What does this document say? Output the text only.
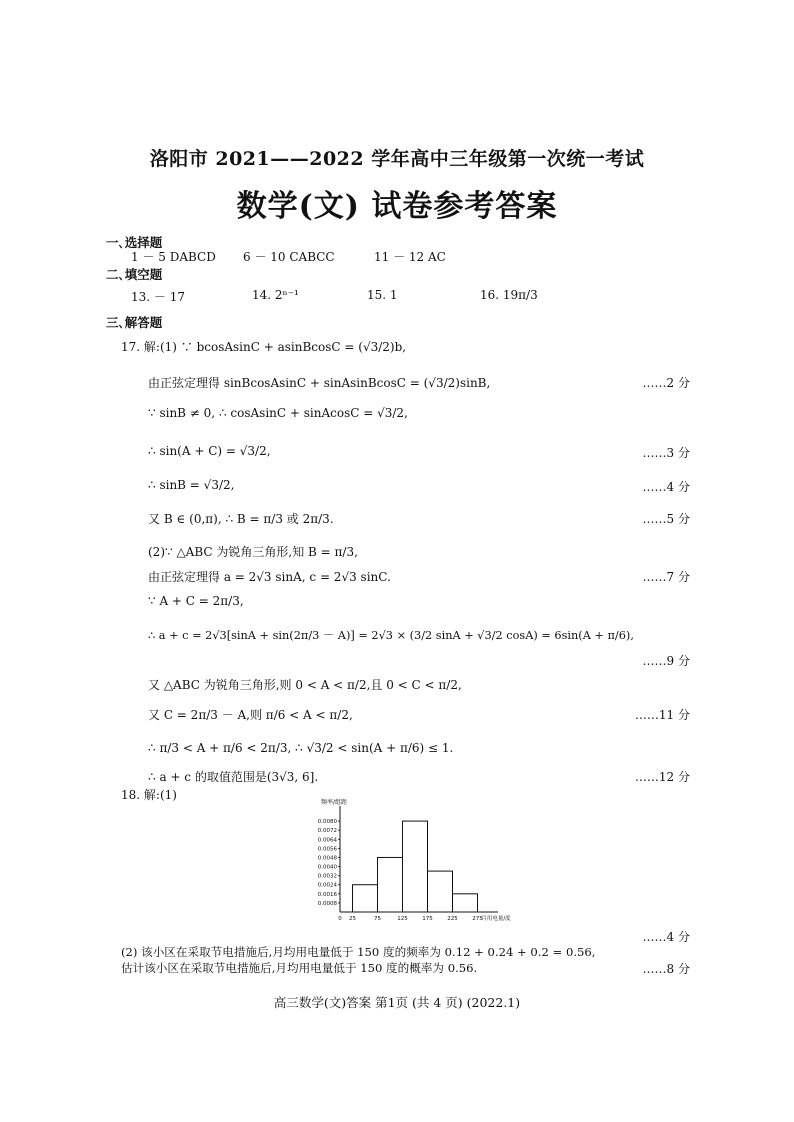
洛阳市 2021——2022 学年高中三年级第一次统一考试
数学(文) 试卷参考答案
一､选择题
1 － 5 DABCD 6 － 10 CABCC	11 － 12 AC
二､填空题
13. － 17	14. 2ⁿ⁻¹	15. 1	16. 19π/3
三､解答题
17. 解:(1) ∵ bcosAsinC + asinBcosC = (√3/2)b,
由正弦定理得 sinBcosAsinC + sinAsinBcosC = (√3/2)sinB,	……2 分
∵ sinB ≠ 0, ∴ cosAsinC + sinAcosC = √3/2,
∴ sin(A + C) = √3/2,	……3 分
∴ sinB = √3/2,	……4 分
又 B ∈ (0,π), ∴ B = π/3 或 2π/3.	……5 分
(2)∵ △ABC 为锐角三角形,知 B = π/3,
由正弦定理得 a = 2√3 sinA, c = 2√3 sinC.	……7 分
∵ A + C = 2π/3,
∴ a + c = 2√3[sinA + sin(2π/3 － A)] = 2√3 × (3/2 sinA + √3/2 cosA) = 6sin(A + π/6),
……9 分
又 △ABC 为锐角三角形,则 0 < A < π/2,且 0 < C < π/2,
又 C = 2π/3 － A,则 π/6 < A < π/2,	……11 分
∴ π/3 < A + π/6 < 2π/3, ∴ √3/2 < sin(A + π/6) ≤ 1.
∴ a + c 的取值范围是(3√3, 6].	……12 分
18. 解:(1)
0.0008
0.0016
0.0024
0.0032
0.0040
0.0048
0.0056
0.0064
0.0072
0.0080
0 25	75	125	175	225	275
频率/组距
月用电量/度
……4 分
(2) 该小区在采取节电措施后,月均用电量低于 150 度的频率为 0.12 + 0.24 + 0.2 = 0.56,
估计该小区在采取节电措施后,月均用电量低于 150 度的概率为 0.56.	……8 分
高三数学(文)答案 第1页 (共 4 页) (2022.1)
